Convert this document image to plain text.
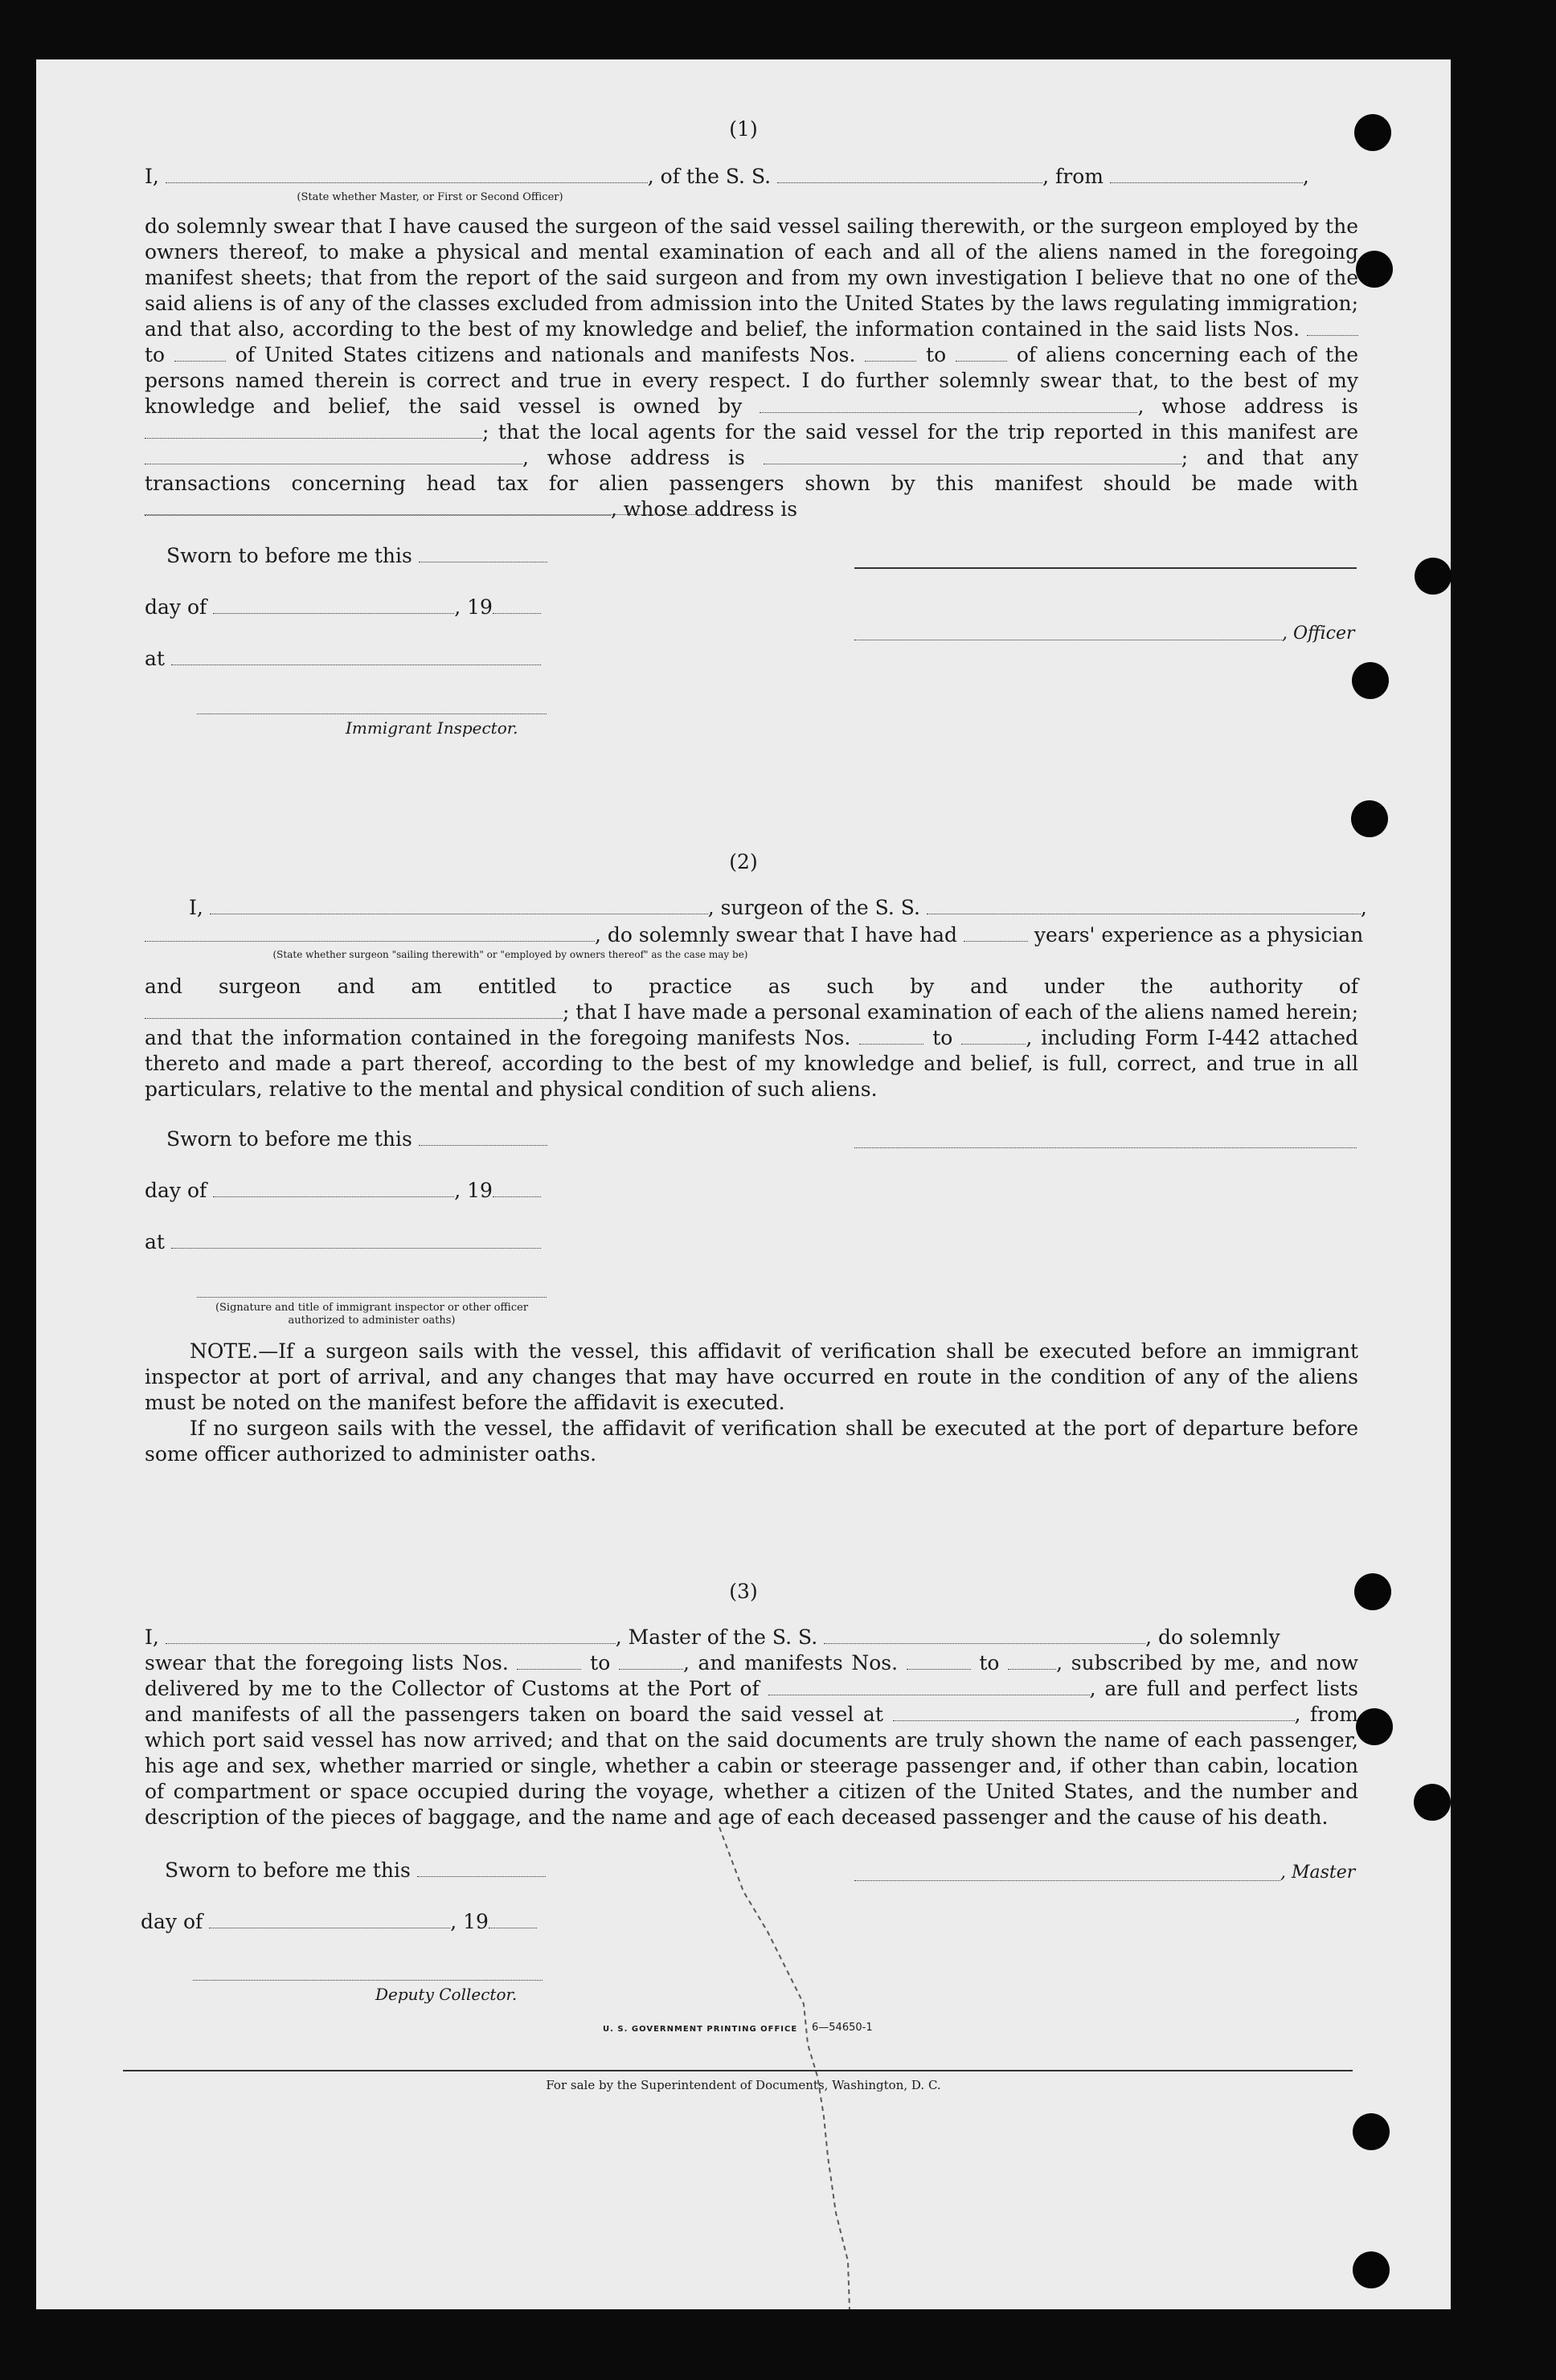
(1)
I,	, of the S. S.	, from	,
(State whether Master, or First or Second Officer)
do solemnly swear that I have caused the surgeon of the said vessel sailing therewith, or the surgeon employed by the owners thereof, to make a physical and mental examination of each and all of the aliens named in the foregoing manifest sheets; that from the report of the said surgeon and from my own investigation I believe that no one of the said aliens is of any of the classes excluded from admission into the United States by the laws regulating immigration; and that also, according to the best of my knowledge and belief, the information contained in the said lists Nos.  to	of United States citizens and nationals and manifests Nos.	to	of aliens concerning each of the persons named therein is correct and true in every respect. I do further solemnly swear that, to the best of my knowledge and belief, the said vessel is owned by	, whose address is ; that the local agents for the said vessel for the trip reported in this manifest are , whose address is	; and that any transactions concerning head tax for alien passengers shown by this manifest should be made with , whose address is
Sworn to before me this
day of	, 19
, Officer
at
Immigrant Inspector.
(2)
I,	, surgeon of the S. S.	,
, do solemnly swear that I have had	years' experience as a physician
(State whether surgeon "sailing therewith" or "employed by owners thereof" as the case may be)
and surgeon and am entitled to practice as such by and under the authority of ; that I have made a personal examination of each of the aliens named herein; and that the information contained in the foregoing manifests Nos.	to	, including Form I-442 attached thereto and made a part thereof, according to the best of my knowledge and belief, is full, correct, and true in all particulars, relative to the mental and physical condition of such aliens.
Sworn to before me this
day of	, 19
at
(Signature and title of immigrant inspector or other officer authorized to administer oaths)
NOTE.—If a surgeon sails with the vessel, this affidavit of verification shall be executed before an immigrant inspector at port of arrival, and any changes that may have occurred en route in the condition of any of the aliens must be noted on the manifest before the affidavit is executed.
If no surgeon sails with the vessel, the affidavit of verification shall be executed at the port of departure before some officer authorized to administer oaths.
(3)
I,	, Master of the S. S.	, do solemnly
swear that the foregoing lists Nos.	to	, and manifests Nos.	to	, subscribed by me, and now delivered by me to the Collector of Customs at the Port of	, are full and perfect lists and manifests of all the passengers taken on board the said vessel at	, from which port said vessel has now arrived; and that on the said documents are truly shown the name of each passenger, his age and sex, whether married or single, whether a cabin or steerage passenger and, if other than cabin, location of compartment or space occupied during the voyage, whether a citizen of the United States, and the number and description of the pieces of baggage, and the name and age of each deceased passenger and the cause of his death.
Sworn to before me this	, Master
day of	, 19
Deputy Collector.
U. S. GOVERNMENT PRINTING OFFICE 6—54650-1
For sale by the Superintendent of Documents, Washington, D. C.
